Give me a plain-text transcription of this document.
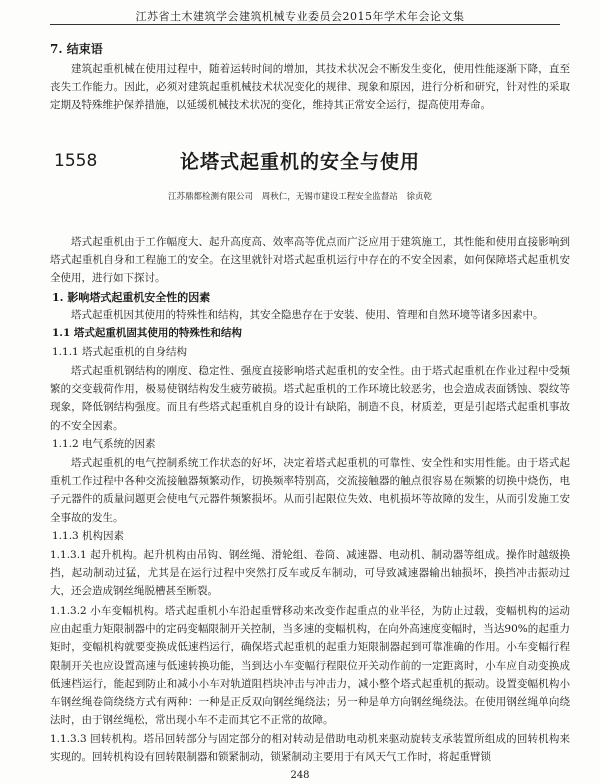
江苏省土木建筑学会建筑机械专业委员会2015年学术年会论文集
7. 结束语

建筑起重机械在使用过程中，随着运转时间的增加，其技术状况会不断发生变化，使用性能逐渐下降，直至丧失工作能力。因此，必须对建筑起重机械技术状况变化的规律、现象和原因，进行分析和研究，针对性的采取定期及特殊维护保养措施，以延缓机械技术状况的变化，维持其正常安全运行，提高使用寿命。

1558	论塔式起重机的安全与使用
江苏鼎都检测有限公司 周秋仁，无锡市建设工程安全监督站 徐贞乾

塔式起重机由于工作幅度大、起升高度高、效率高等优点而广泛应用于建筑施工，其性能和使用直接影响到塔式起重机自身和工程施工的安全。在这里就针对塔式起重机运行中存在的不安全因素，如何保障塔式起重机安全使用，进行如下探讨。

1. 影响塔式起重机安全性的因素

塔式起重机因其使用的特殊性和结构，其安全隐患存在于安装、使用、管理和自然环境等诸多因素中。

1.1 塔式起重机固其使用的特殊性和结构
1.1.1 塔式起重机的自身结构

塔式起重机钢结构的刚度、稳定性、强度直接影响塔式起重机的安全性。由于塔式起重机在作业过程中受频繁的交变载荷作用，极易使钢结构发生疲劳破损。塔式起重机的工作环境比较恶劣，也会造成表面锈蚀、裂纹等现象，降低钢结构强度。而且有些塔式起重机自身的设计有缺陷，制造不良，材质差，更是引起塔式起重机事故的不安全因素。

1.1.2 电气系统的因素

塔式起重机的电气控制系统工作状态的好坏，决定着塔式起重机的可靠性、安全性和实用性能。由于塔式起重机工作过程中各种交流接触器频繁动作，切换频率特别高，交流接触器的触点很容易在频繁的切换中烧伤，电子元器件的质量问题更会使电气元器件频繁损坏。从而引起限位失效、电机损坏等故障的发生，从而引发施工安全事故的发生。

1.1.3 机构因素

1.1.3.1 起升机构。起升机构由吊钩、钢丝绳、滑轮组、卷筒、减速器、电动机、制动器等组成。操作时越级换挡，起动制动过猛，尤其是在运行过程中突然打反车或反车制动，可导致减速器输出轴损坏，换挡冲击振动过大，还会造成钢丝绳脱槽甚至断裂。

1.1.3.2 小车变幅机构。塔式起重机小车沿起重臂移动来改变作起重点的业半径，为防止过载，变幅机构的运动应由起重力矩限制器中的定码变幅限制开关控制，当多速的变幅机构，在向外高速度变幅时，当达90%的起重力矩时，变幅机构就要变换成低速档运行，确保塔式起重机的起重力矩限制器起到可靠准确的作用。小车变幅行程限制开关也应设置高速与低速转换功能，当到达小车变幅行程限位开关动作前的一定距离时，小车应自动变换成低速档运行，能起到防止和减小小车对轨道阻档块冲击与冲击力，减小整个塔式起重机的振动。设置变幅机构小车钢丝绳卷筒绕绕方式有两种：一种是正反双向钢丝绳绕法；另一种是单方向钢丝绳绕法。在使用钢丝绳单向绕法时，由于钢丝绳松，常出现小车不走而其它不正常的故障。

1.1.3.3 回转机构。塔吊回转部分与固定部分的相对转动是借助电动机来驱动旋转支承装置所组成的回转机构来实现的。回转机构设有回转限制器和锁紧制动，锁紧制动主要用于有风天气工作时，将起重臂锁

248
